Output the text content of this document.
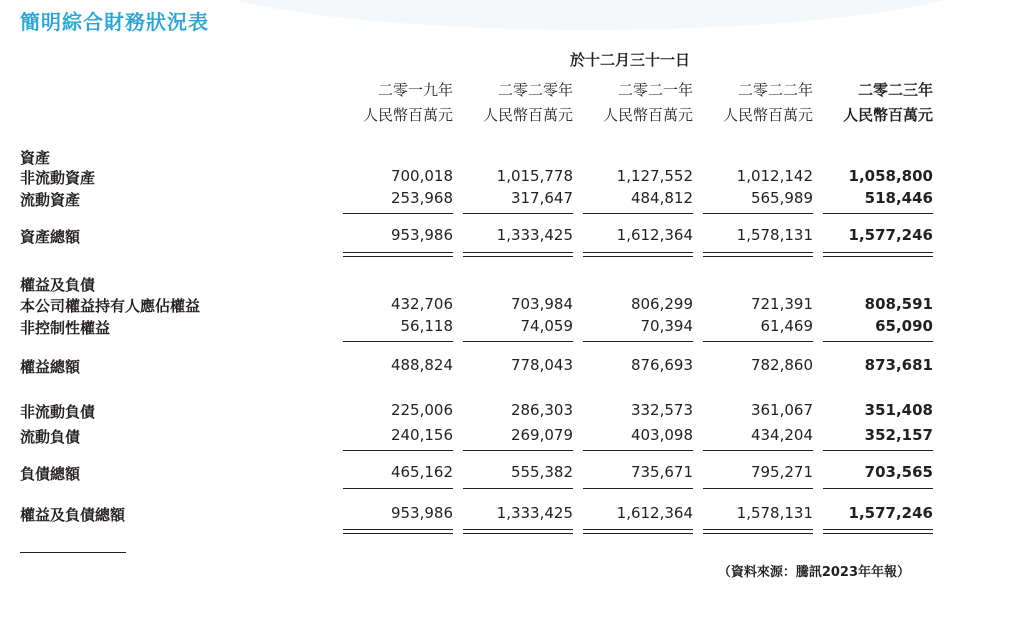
簡明綜合財務狀況表
於十二月三十一日
二零一九年	二零二零年	二零二一年	二零二二年	二零二三年
人民幣百萬元	人民幣百萬元	人民幣百萬元	人民幣百萬元	人民幣百萬元
資產
非流動資產	700,018	1,015,778	1,127,552	1,012,142	1,058,800
流動資產	253,968	317,647	484,812	565,989	518,446
資產總額	953,986	1,333,425	1,612,364	1,578,131	1,577,246
權益及負債
本公司權益持有人應佔權益	432,706	703,984	806,299	721,391	808,591
非控制性權益	56,118	74,059	70,394	61,469	65,090
權益總額	488,824	778,043	876,693	782,860	873,681
非流動負債	225,006	286,303	332,573	361,067	351,408
流動負債	240,156	269,079	403,098	434,204	352,157
負債總額	465,162	555,382	735,671	795,271	703,565
權益及負債總額	953,986	1,333,425	1,612,364	1,578,131	1,577,246
（資料來源：騰訊2023年年報）
